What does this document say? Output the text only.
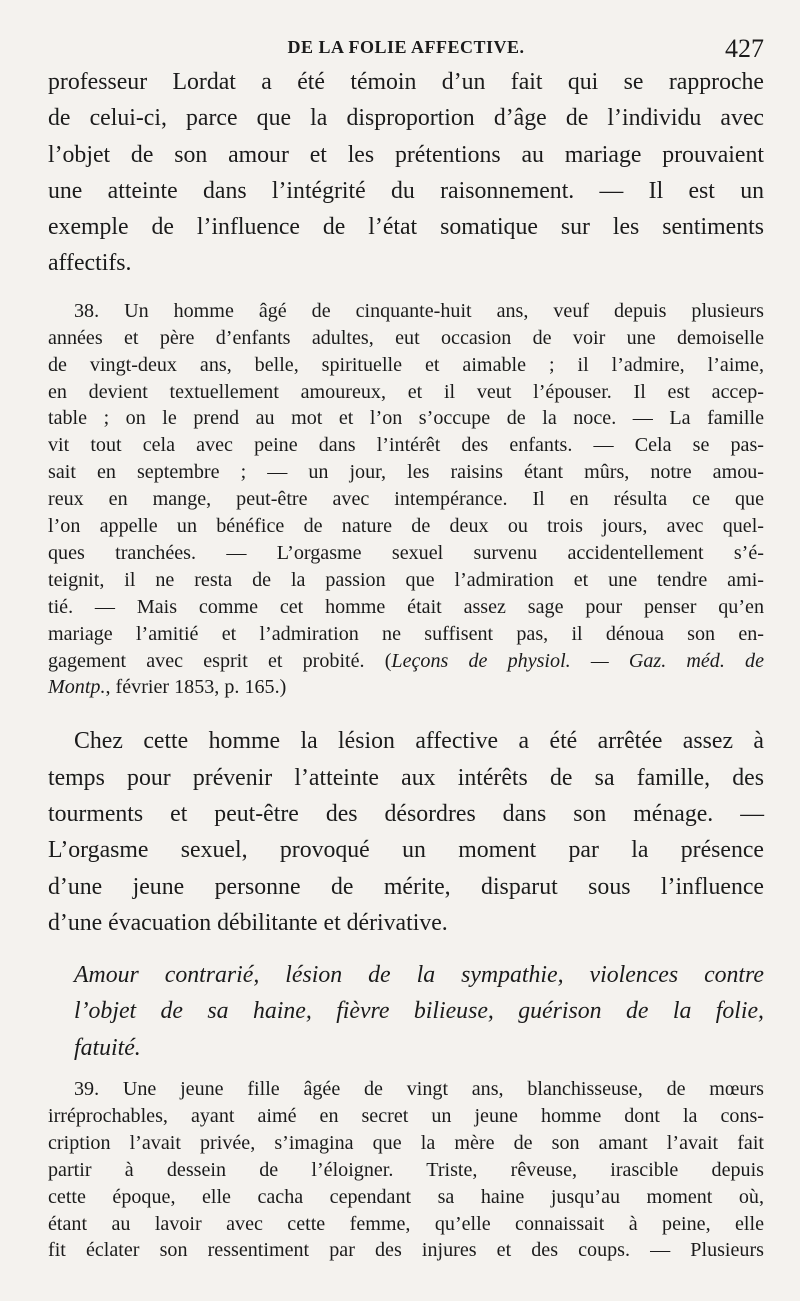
DE LA FOLIE AFFECTIVE.	427

professeur Lordat a été témoin d’un fait qui se rapproche

de celui-ci, parce que la disproportion d’âge de l’individu avec

l’objet de son amour et les prétentions au mariage prouvaient

une atteinte dans l’intégrité du raisonnement. — Il est un

exemple de l’influence de l’état somatique sur les sentiments

affectifs.

38. Un homme âgé de cinquante-huit ans, veuf depuis plusieurs

années et père d’enfants adultes, eut occasion de voir une demoiselle

de vingt-deux ans, belle, spirituelle et aimable ; il l’admire, l’aime,

en devient textuellement amoureux, et il veut l’épouser. Il est accep-

table ; on le prend au mot et l’on s’occupe de la noce. — La famille

vit tout cela avec peine dans l’intérêt des enfants. — Cela se pas-

sait en septembre ; — un jour, les raisins étant mûrs, notre amou-

reux en mange, peut-être avec intempérance. Il en résulta ce que

l’on appelle un bénéfice de nature de deux ou trois jours, avec quel-

ques tranchées. — L’orgasme sexuel survenu accidentellement s’é-

teignit, il ne resta de la passion que l’admiration et une tendre ami-

tié. — Mais comme cet homme était assez sage pour penser qu’en

mariage l’amitié et l’admiration ne suffisent pas, il dénoua son en-

gagement avec esprit et probité. (Leçons de physiol. — Gaz. méd. de

Montp., février 1853, p. 165.)

Chez cette homme la lésion affective a été arrêtée assez à

temps pour prévenir l’atteinte aux intérêts de sa famille, des

tourments et peut-être des désordres dans son ménage. —

L’orgasme sexuel, provoqué un moment par la présence

d’une jeune personne de mérite, disparut sous l’influence

d’une évacuation débilitante et dérivative.

Amour contrarié, lésion de la sympathie, violences contre

l’objet de sa haine, fièvre bilieuse, guérison de la folie,

fatuité.

39. Une jeune fille âgée de vingt ans, blanchisseuse, de mœurs

irréprochables, ayant aimé en secret un jeune homme dont la cons-

cription l’avait privée, s’imagina que la mère de son amant l’avait fait

partir à dessein de l’éloigner. Triste, rêveuse, irascible depuis

cette époque, elle cacha cependant sa haine jusqu’au moment où,

étant au lavoir avec cette femme, qu’elle connaissait à peine, elle

fit éclater son ressentiment par des injures et des coups. — Plusieurs
